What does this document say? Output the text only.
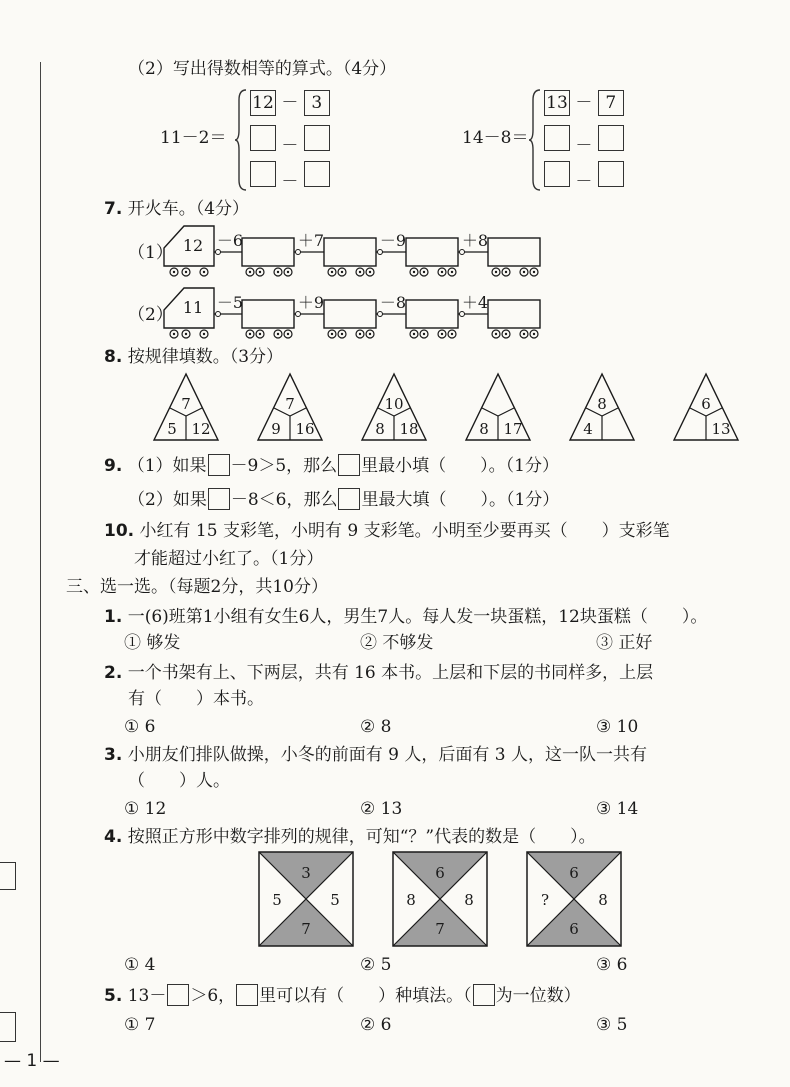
（2）写出得数相等的算式。（4分）
11－2＝
12 － 3
－
－
14－8＝
13 － 7
－
－
7. 开火车。（4分）
（1） 12 －6	＋7	－9	＋8
（2） 11 －5	＋9	－8	＋4
8. 按规律填数。（3分）
7
5 12
7
9 16
10
8 18	8 17
8
4
6
13
9. （1）如果 －9＞5，那么 里最小填（　　）。（1分）
（2）如果 －8＜6，那么 里最大填（　　）。（1分）
10. 小红有 15 支彩笔，小明有 9 支彩笔。小明至少要再买（　　）支彩笔
才能超过小红了。（1分）
三、选一选。（每题2分，共10分）
1. 一(6)班第1小组有女生6人，男生7人。每人发一块蛋糕，12块蛋糕（　　）。
① 够发	② 不够发	③ 正好
2. 一个书架有上、下两层，共有 16 本书。上层和下层的书同样多，上层
有（　　）本书。
① 6	② 8	③ 10
3. 小朋友们排队做操，小冬的前面有 9 人，后面有 3 人，这一队一共有
（　　）人。
① 12	② 13	③ 14
4. 按照正方形中数字排列的规律，可知“？”代表的数是（　　）。
3
5	5
7
6
8	8
7
6
?	8
6
① 4	② 5	③ 6
5. 13－ ＞6， 里可以有（　　）种填法。（ 为一位数）
① 7	② 6	③ 5
— 1 —
